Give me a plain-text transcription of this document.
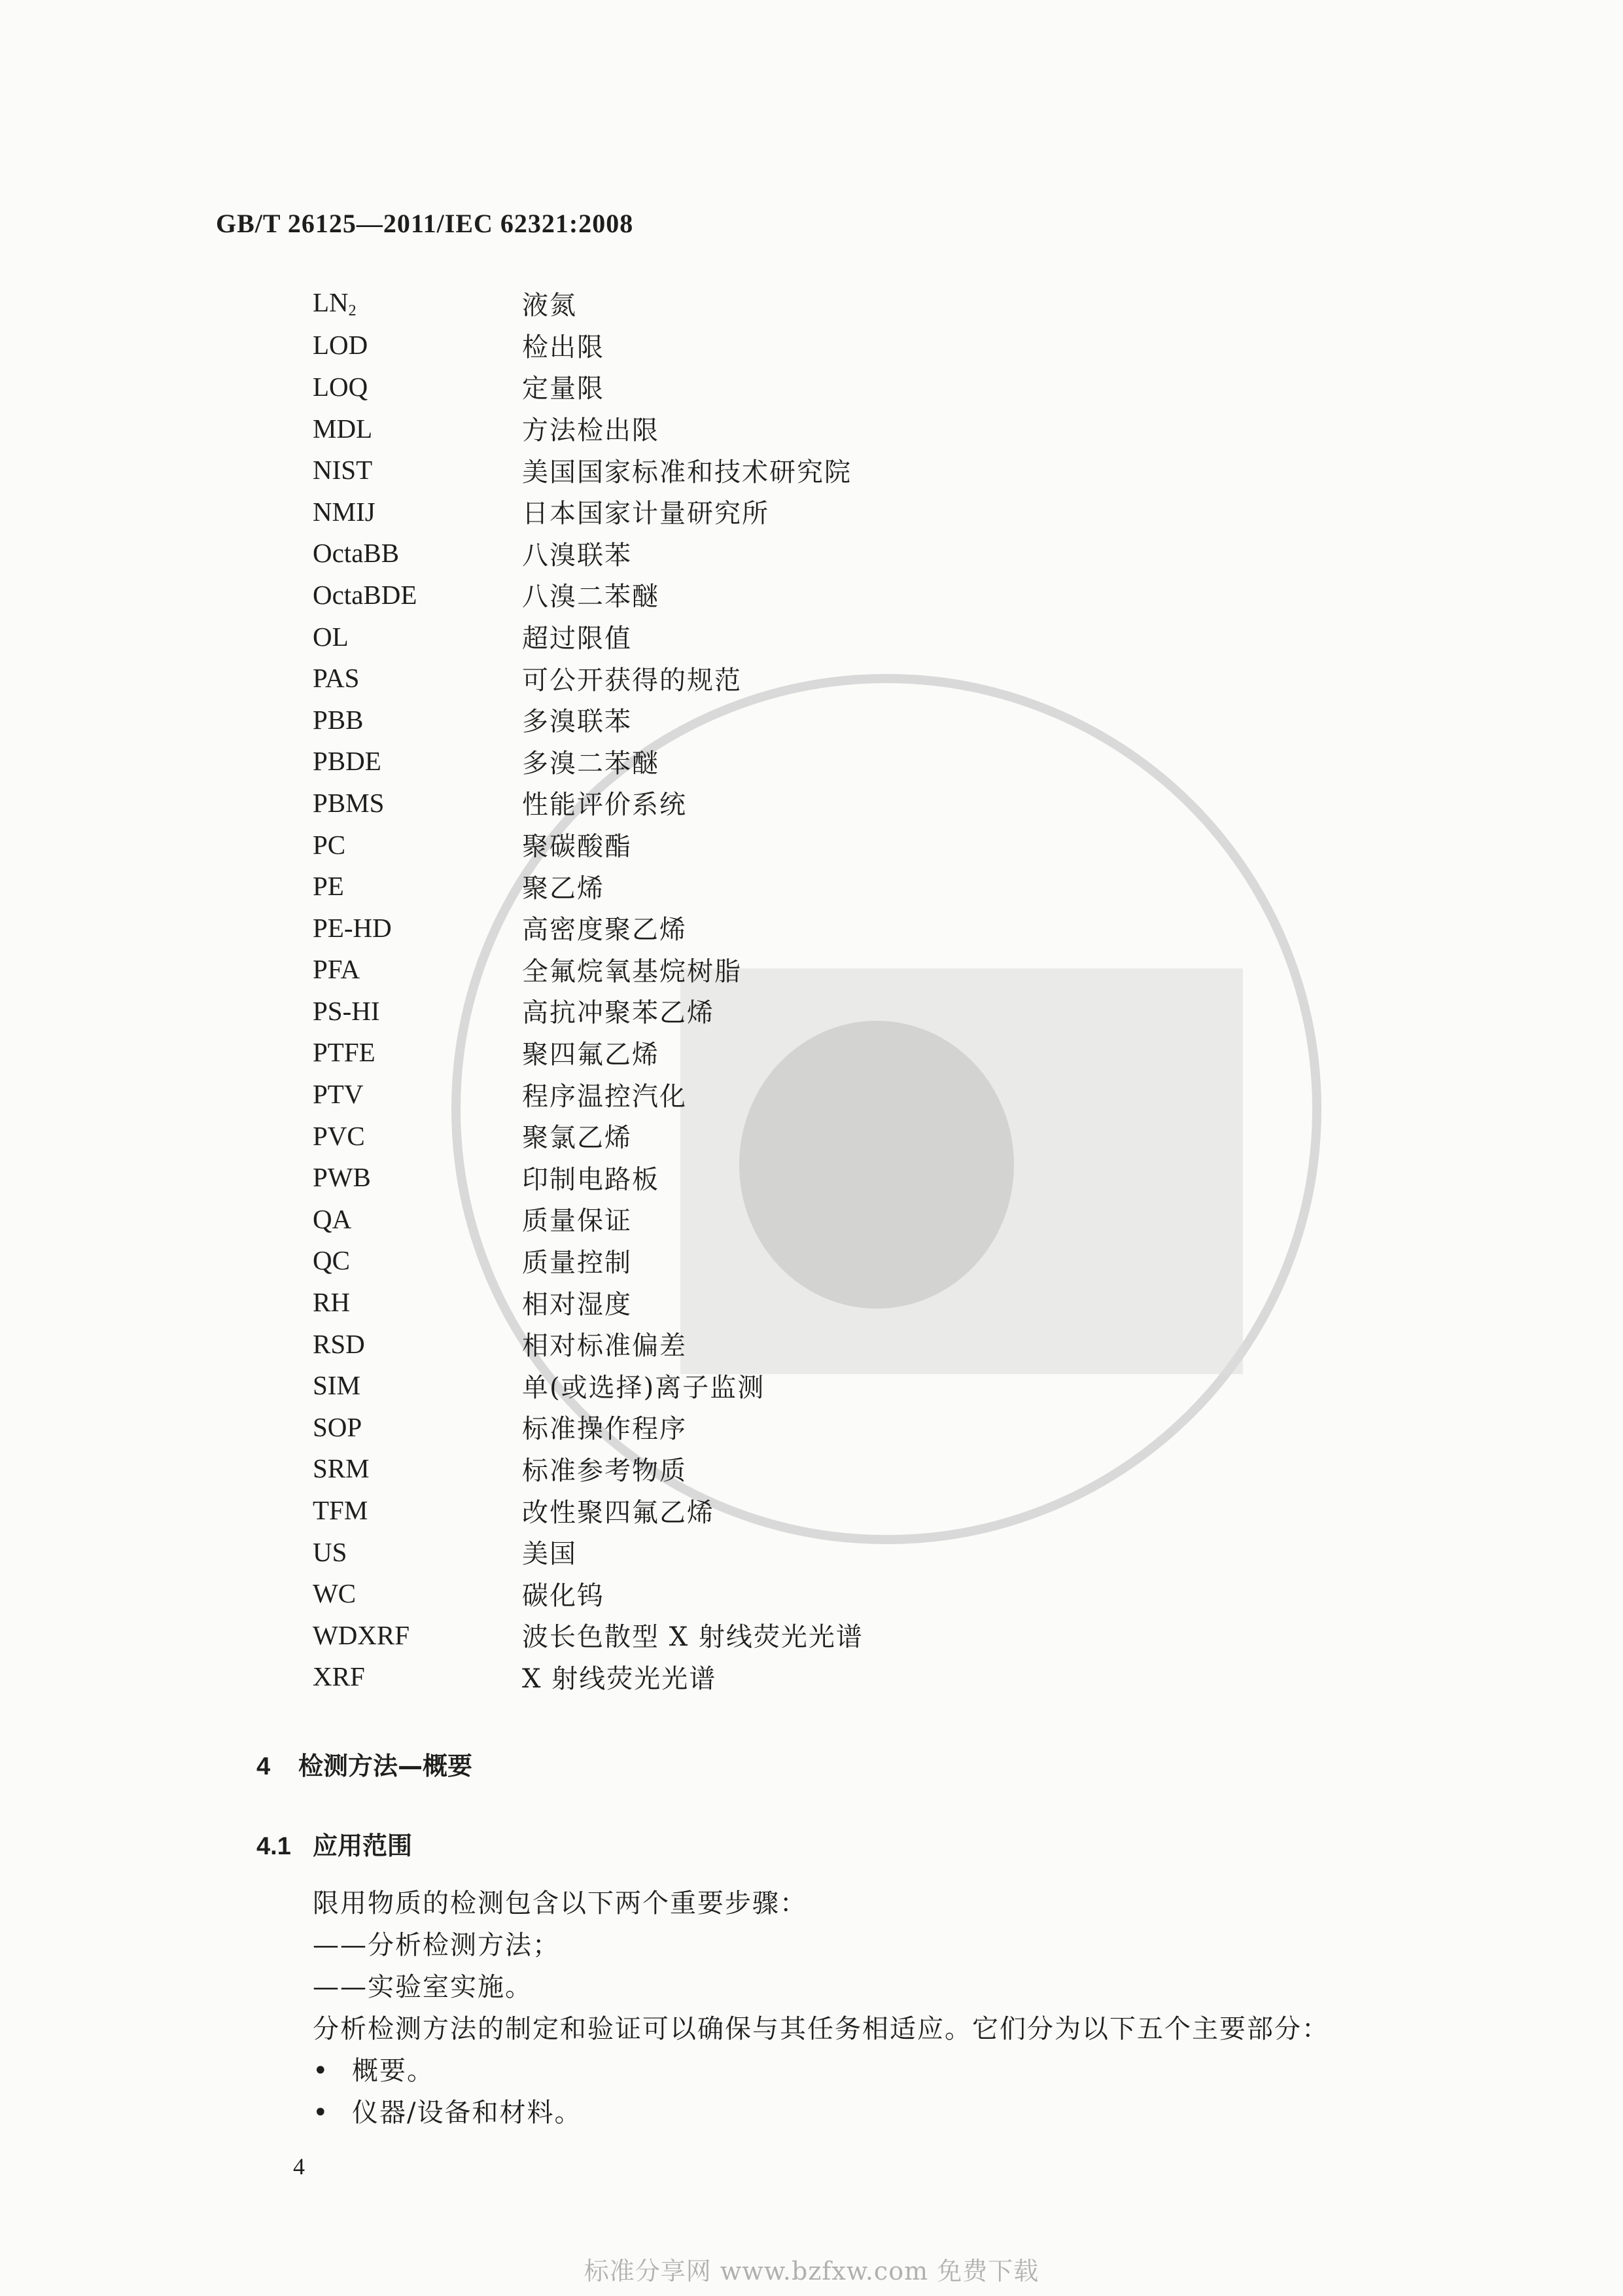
GB/T 26125—2011/IEC 62321:2008
$LN_2$	液氮
LOD	检出限
LOQ	定量限
MDL	方法检出限
NIST	美国国家标准和技术研究院
NMIJ	日本国家计量研究所
OctaBB	八溴联苯
OctaBDE	八溴二苯醚
OL	超过限值
PAS	可公开获得的规范
PBB	多溴联苯
PBDE	多溴二苯醚
PBMS	性能评价系统
PC	聚碳酸酯
PE	聚乙烯
PE-HD	高密度聚乙烯
PFA	全氟烷氧基烷树脂
PS-HI	高抗冲聚苯乙烯
PTFE	聚四氟乙烯
PTV	程序温控汽化
PVC	聚氯乙烯
PWB	印制电路板
QA	质量保证
QC	质量控制
RH	相对湿度
RSD	相对标准偏差
SIM	单(或选择)离子监测
SOP	标准操作程序
SRM	标准参考物质
TFM	改性聚四氟乙烯
US	美国
WC	碳化钨
WDXRF	波长色散型 X 射线荧光光谱
XRF	X 射线荧光光谱
4 检测方法—概要
4.1 应用范围
限用物质的检测包含以下两个重要步骤：
——分析检测方法；
——实验室实施。
分析检测方法的制定和验证可以确保与其任务相适应。它们分为以下五个主要部分：
• 概要。
• 仪器/设备和材料。
4
标准分享网 www.bzfxw.com 免费下载
